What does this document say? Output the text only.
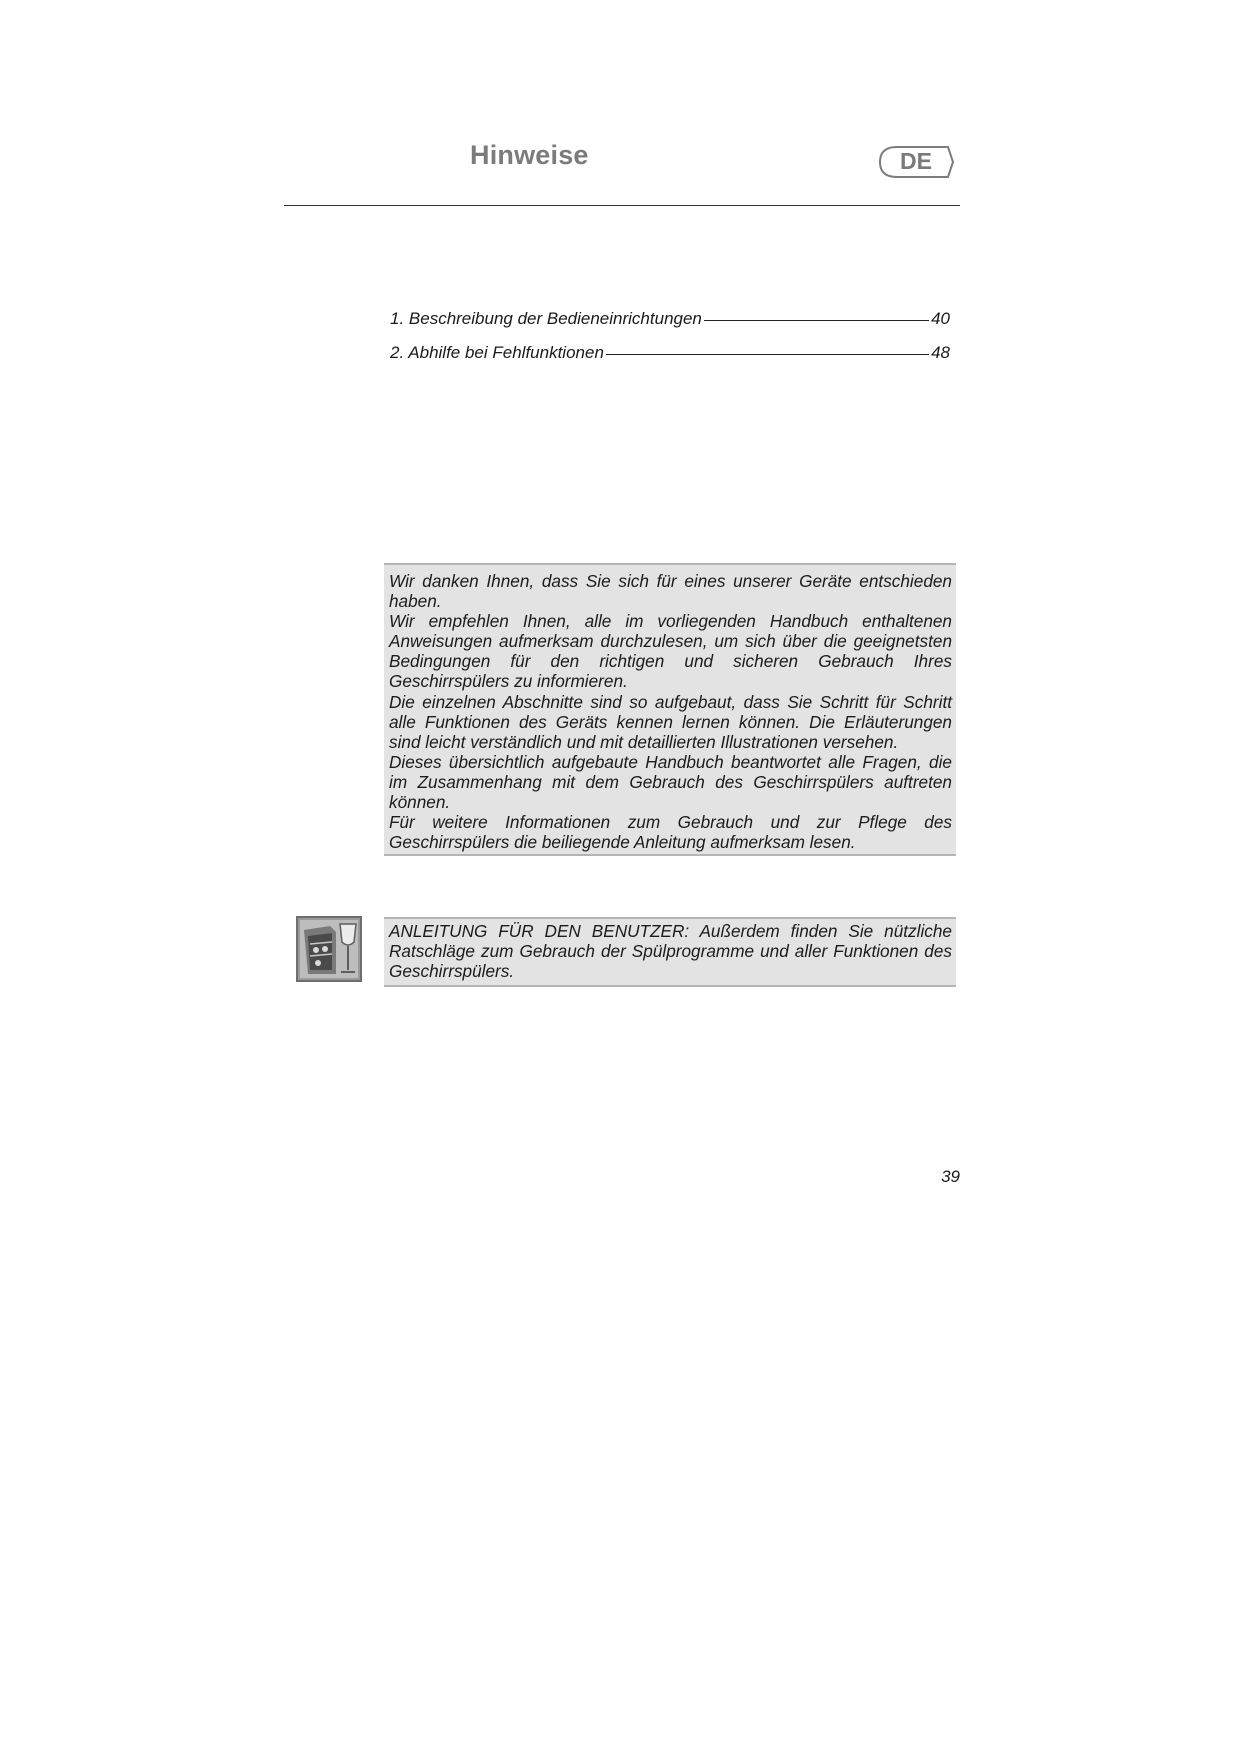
Hinweise	DE
1. Beschreibung der Bedieneinrichtungen	40
2. Abhilfe bei Fehlfunktionen	48

Wir danken Ihnen, dass Sie sich für eines unserer Geräte entschieden haben.

Wir empfehlen Ihnen, alle im vorliegenden Handbuch enthaltenen Anweisungen aufmerksam durchzulesen, um sich über die geeignetsten Bedingungen für den richtigen und sicheren Gebrauch Ihres Geschirrspülers zu informieren.

Die einzelnen Abschnitte sind so aufgebaut, dass Sie Schritt für Schritt alle Funktionen des Geräts kennen lernen können. Die Erläuterungen sind leicht verständlich und mit detaillierten Illustrationen versehen.

Dieses übersichtlich aufgebaute Handbuch beantwortet alle Fragen, die im Zusammenhang mit dem Gebrauch des Geschirrspülers auftreten können.

Für weitere Informationen zum Gebrauch und zur Pflege des Geschirrspülers die beiliegende Anleitung aufmerksam lesen.

ANLEITUNG FÜR DEN BENUTZER: Außerdem finden Sie nützliche Ratschläge zum Gebrauch der Spülprogramme und aller Funktionen des Geschirrspülers.

39
